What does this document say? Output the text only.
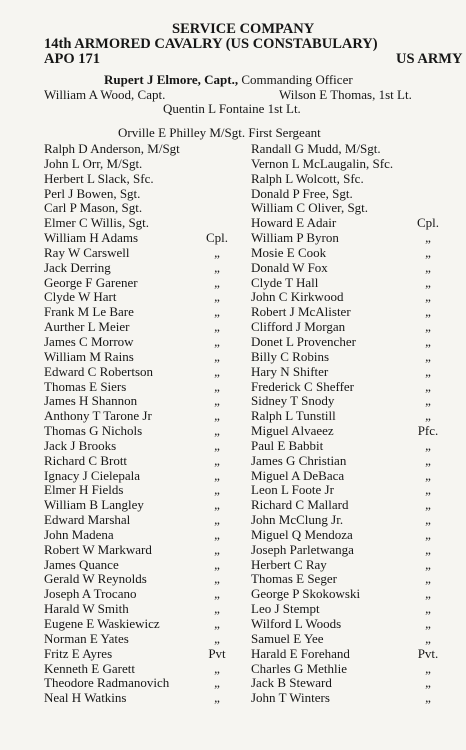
SERVICE COMPANY
14th ARMORED CAVALRY (US CONSTABULARY)
APO 171	US ARMY
Rupert J Elmore, Capt., Commanding Officer
William A Wood, Capt.	Wilson E Thomas, 1st Lt.
Quentin L Fontaine 1st Lt.
Orville E Philley M/Sgt. First Sergeant
Ralph D Anderson, M/Sgt	Randall G Mudd, M/Sgt.
John L Orr, M/Sgt.	Vernon L McLaugalin, Sfc.
Herbert L Slack, Sfc.	Ralph L Wolcott, Sfc.
Perl J Bowen, Sgt.	Donald P Free, Sgt.
Carl P Mason, Sgt.	William C Oliver, Sgt.
Elmer C Willis, Sgt.	Howard E Adair	Cpl.
William H Adams	Cpl.	William P Byron	„
Ray W Carswell	„	Mosie E Cook	„
Jack Derring	„	Donald W Fox	„
George F Garener	„	Clyde T Hall	„
Clyde W Hart	„	John C Kirkwood	„
Frank M Le Bare	„	Robert J McAlister	„
Aurther L Meier	„	Clifford J Morgan	„
James C Morrow	„	Donet L Provencher	„
William M Rains	„	Billy C Robins	„
Edward C Robertson	„	Hary N Shifter	„
Thomas E Siers	„	Frederick C Sheffer	„
James H Shannon	„	Sidney T Snody	„
Anthony T Tarone Jr	„	Ralph L Tunstill	„
Thomas G Nichols	„	Miguel Alvaeez	Pfc.
Jack J Brooks	„	Paul E Babbit	„
Richard C Brott	„	James G Christian	„
Ignacy J Cielepala	„	Miguel A DeBaca	„
Elmer H Fields	„	Leon L Foote Jr	„
William B Langley	„	Richard C Mallard	„
Edward Marshal	„	John McClung Jr.	„
John Madena	„	Miguel Q Mendoza	„
Robert W Markward	„	Joseph Parletwanga	„
James Quance	„	Herbert C Ray	„
Gerald W Reynolds	„	Thomas E Seger	„
Joseph A Trocano	„	George P Skokowski	„
Harald W Smith	„	Leo J Stempt	„
Eugene E Waskiewicz	„	Wilford L Woods	„
Norman E Yates	„	Samuel E Yee	„
Fritz E Ayres	Pvt	Harald E Forehand	Pvt.
Kenneth E Garett	„	Charles G Methlie	„
Theodore Radmanovich	„	Jack B Steward	„
Neal H Watkins	„	John T Winters	„
